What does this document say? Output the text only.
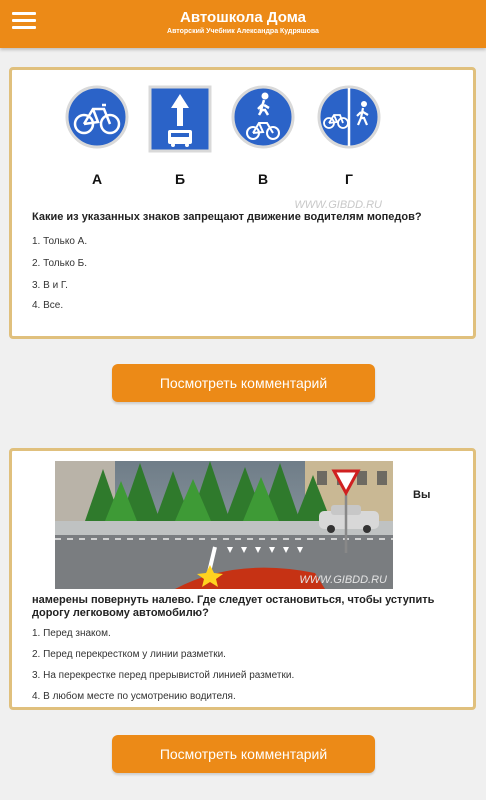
Автошкола Дома
Авторский Учебник Александра Кудряшова
А	Б	В	Г
WWW.GIBDD.RU
Какие из указанных знаков запрещают движение водителям мопедов?
1. Только А.
2. Только Б.
3. В и Г.
4. Все.
Посмотреть комментарий
WWW.GIBDD.RU
намерены повернуть налево. Где следует остановиться, чтобы уступить дорогу легковому автомобилю?
1. Перед знаком.
2. Перед перекрестком у линии разметки.
3. На перекрестке перед прерывистой линией разметки.
4. В любом месте по усмотрению водителя.
Вы
Посмотреть комментарий
